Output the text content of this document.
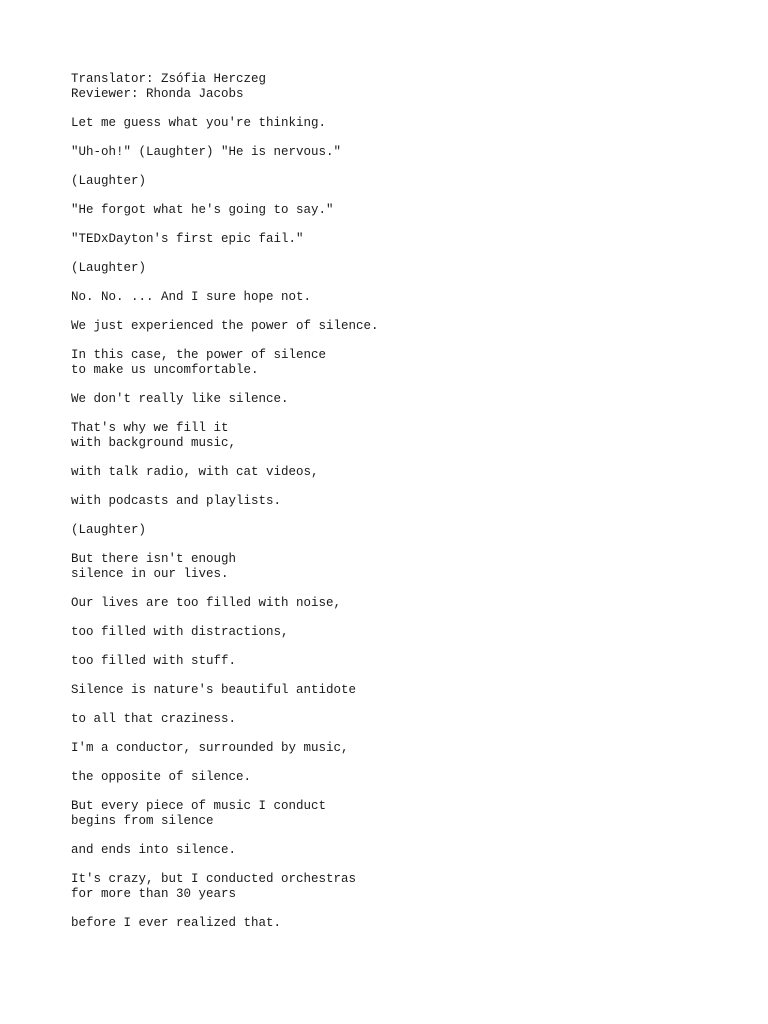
Translator: Zsófia Herczeg
Reviewer: Rhonda Jacobs

Let me guess what you're thinking.

"Uh-oh!" (Laughter) "He is nervous."

(Laughter)

"He forgot what he's going to say."

"TEDxDayton's first epic fail."

(Laughter)

No. No. ... And I sure hope not.

We just experienced the power of silence.

In this case, the power of silence
to make us uncomfortable.

We don't really like silence.

That's why we fill it
with background music,

with talk radio, with cat videos,

with podcasts and playlists.

(Laughter)

But there isn't enough
silence in our lives.

Our lives are too filled with noise,

too filled with distractions,

too filled with stuff.

Silence is nature's beautiful antidote

to all that craziness.

I'm a conductor, surrounded by music,

the opposite of silence.

But every piece of music I conduct
begins from silence

and ends into silence.

It's crazy, but I conducted orchestras
for more than 30 years

before I ever realized that.
